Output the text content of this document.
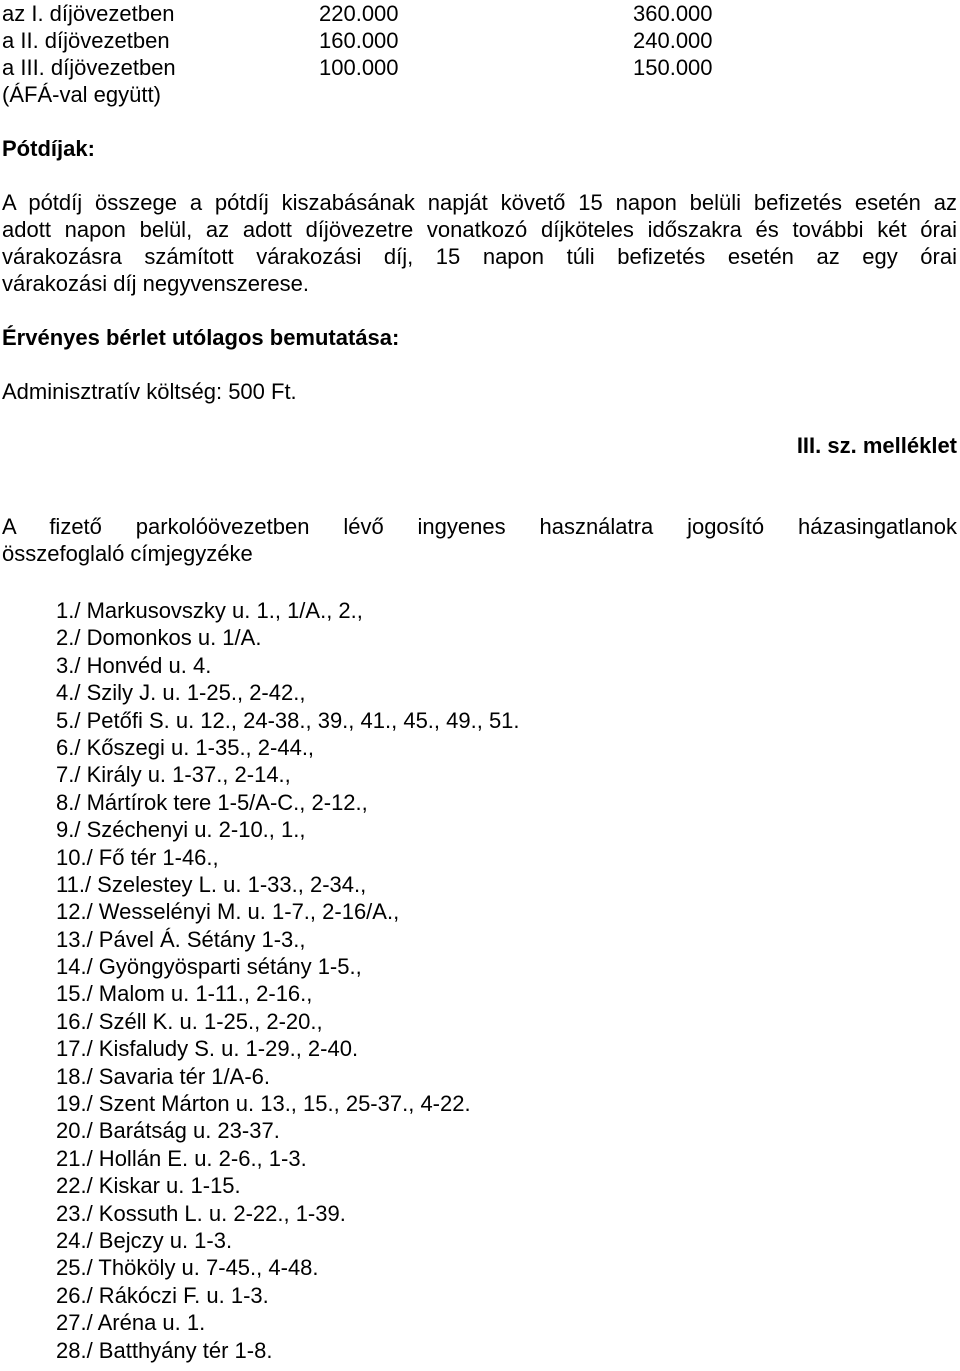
az I. díjövezetben	220.000	360.000
a II. díjövezetben	160.000	240.000
a III. díjövezetben	100.000	150.000
(ÁFÁ-val együtt)
Pótdíjak:
A pótdíj összege a pótdíj kiszabásának napját követő 15 napon belüli befizetés esetén az
adott napon belül, az adott díjövezetre vonatkozó díjköteles időszakra és további két órai
várakozásra számított várakozási díj, 15 napon túli befizetés esetén az egy órai
várakozási díj negyvenszerese.
Érvényes bérlet utólagos bemutatása:
Adminisztratív költség: 500 Ft.
III. sz. melléklet
A fizető parkolóövezetben lévő ingyenes használatra jogosító házasingatlanok
összefoglaló címjegyzéke
1./ Markusovszky u. 1., 1/A., 2.,
2./ Domonkos u. 1/A.
3./ Honvéd u. 4.
4./ Szily J. u. 1-25., 2-42.,
5./ Petőfi S. u. 12., 24-38., 39., 41., 45., 49., 51.
6./ Kőszegi u. 1-35., 2-44.,
7./ Király u. 1-37., 2-14.,
8./ Mártírok tere 1-5/A-C., 2-12.,
9./ Széchenyi u. 2-10., 1.,
10./ Fő tér 1-46.,
11./ Szelestey L. u. 1-33., 2-34.,
12./ Wesselényi M. u. 1-7., 2-16/A.,
13./ Pável Á. Sétány 1-3.,
14./ Gyöngyösparti sétány 1-5.,
15./ Malom u. 1-11., 2-16.,
16./ Széll K. u. 1-25., 2-20.,
17./ Kisfaludy S. u. 1-29., 2-40.
18./ Savaria tér 1/A-6.
19./ Szent Márton u. 13., 15., 25-37., 4-22.
20./ Barátság u. 23-37.
21./ Hollán E. u. 2-6., 1-3.
22./ Kiskar u. 1-15.
23./ Kossuth L. u. 2-22., 1-39.
24./ Bejczy u. 1-3.
25./ Thököly u. 7-45., 4-48.
26./ Rákóczi F. u. 1-3.
27./ Aréna u. 1.
28./ Batthyány tér 1-8.
